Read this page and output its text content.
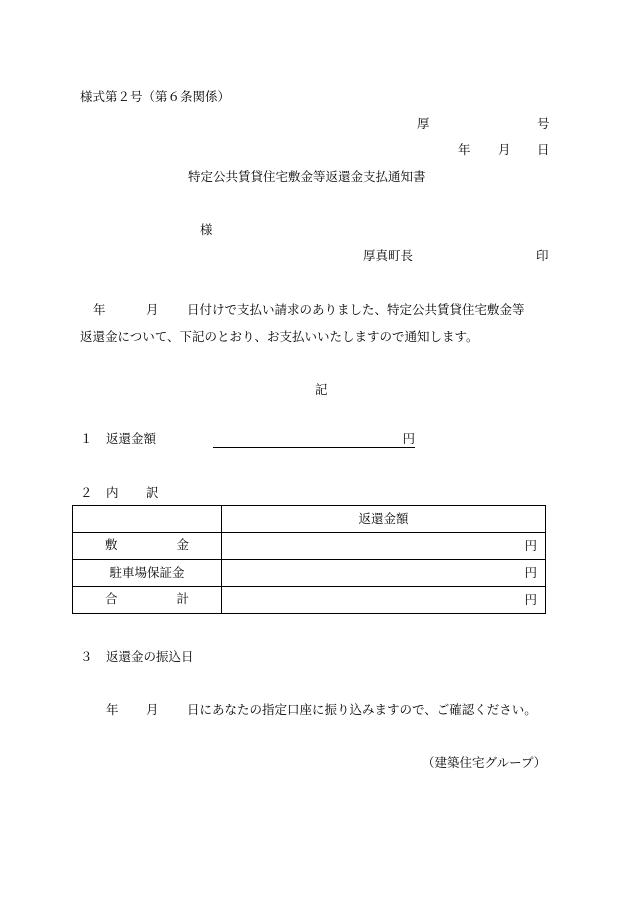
様式第２号（第６条関係）
厚	号
年 月 日
特定公共賃貸住宅敷金等返還金支払通知書
様
厚真町長	印
年	月 日付けで支払い請求のありました、特定公共賃貸住宅敷金等
返還金について、下記のとおり、お支払いいたしますので通知します。
記
１ 返還金額	円
２ 内 訳
	返還金額

敷 金	円
駐車場保証金	円

合 計	円
３ 返還金の振込日
年 月 日にあなたの指定口座に振り込みますので、ご確認ください。
（建築住宅グループ）
